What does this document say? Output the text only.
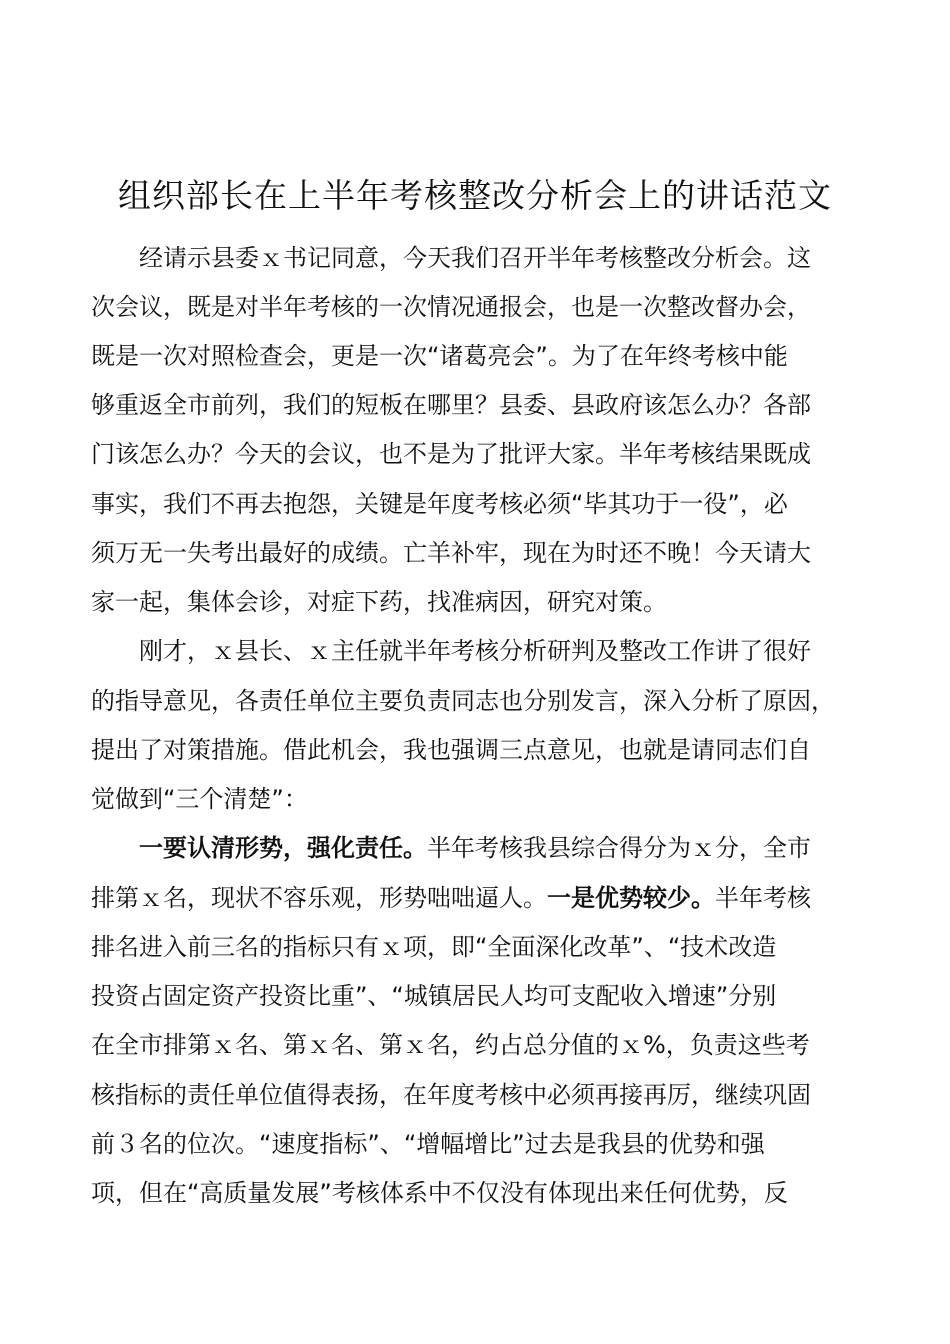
组织部长在上半年考核整改分析会上的讲话范文
经请示县委ｘ书记同意，今天我们召开半年考核整改分析会。这
次会议，既是对半年考核的一次情况通报会，也是一次整改督办会，
既是一次对照检查会，更是一次“诸葛亮会”。为了在年终考核中能
够重返全市前列，我们的短板在哪里？县委、县政府该怎么办？各部
门该怎么办？今天的会议，也不是为了批评大家。半年考核结果既成
事实，我们不再去抱怨，关键是年度考核必须“毕其功于一役”，必
须万无一失考出最好的成绩。亡羊补牢，现在为时还不晚！今天请大
家一起，集体会诊，对症下药，找准病因，研究对策。
刚才，ｘ县长、ｘ主任就半年考核分析研判及整改工作讲了很好
的指导意见，各责任单位主要负责同志也分别发言，深入分析了原因，
提出了对策措施。借此机会，我也强调三点意见，也就是请同志们自
觉做到“三个清楚”：
一要认清形势，强化责任。半年考核我县综合得分为ｘ分，全市
排第ｘ名，现状不容乐观，形势咄咄逼人。一是优势较少。半年考核
排名进入前三名的指标只有ｘ项，即“全面深化改革”、“技术改造
投资占固定资产投资比重”、“城镇居民人均可支配收入增速”分别
在全市排第ｘ名、第ｘ名、第ｘ名，约占总分值的ｘ%，负责这些考
核指标的责任单位值得表扬，在年度考核中必须再接再厉，继续巩固
前３名的位次。“速度指标”、“增幅增比”过去是我县的优势和强
项，但在“高质量发展”考核体系中不仅没有体现出来任何优势，反
